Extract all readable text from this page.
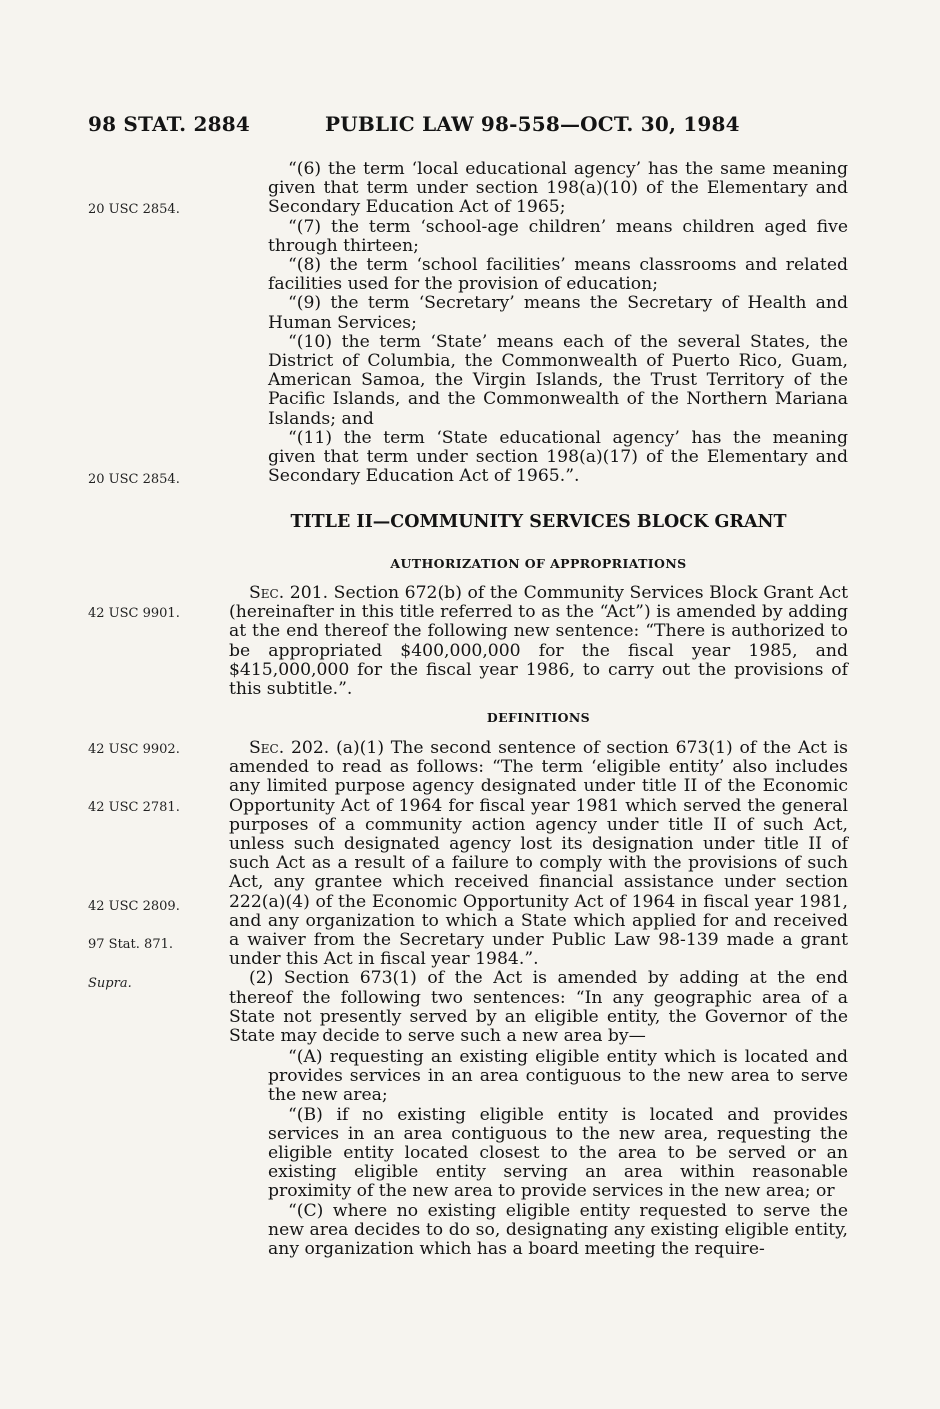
98 STAT. 2884	PUBLIC LAW 98-558—OCT. 30, 1984
20 USC 2854.
20 USC 2854.
42 USC 9901.
42 USC 9902.
42 USC 2781.
42 USC 2809.
97 Stat. 871.
Supra.

“(6) the term ‘local educational agency’ has the same meaning given that term under section 198(a)(10) of the Elementary and Secondary Education Act of 1965;

“(7) the term ‘school-age children’ means children aged five through thirteen;

“(8) the term ‘school facilities’ means classrooms and related facilities used for the provision of education;

“(9) the term ‘Secretary’ means the Secretary of Health and Human Services;

“(10) the term ‘State’ means each of the several States, the District of Columbia, the Commonwealth of Puerto Rico, Guam, American Samoa, the Virgin Islands, the Trust Territory of the Pacific Islands, and the Commonwealth of the Northern Mariana Islands; and

“(11) the term ‘State educational agency’ has the meaning given that term under section 198(a)(17) of the Elementary and Secondary Education Act of 1965.”.

TITLE II—COMMUNITY SERVICES BLOCK GRANT
AUTHORIZATION OF APPROPRIATIONS

Sec. 201. Section 672(b) of the Community Services Block Grant Act (hereinafter in this title referred to as the “Act”) is amended by adding at the end thereof the following new sentence: “There is authorized to be appropriated $400,000,000 for the fiscal year 1985, and $415,000,000 for the fiscal year 1986, to carry out the provisions of this subtitle.”.

DEFINITIONS

Sec. 202. (a)(1) The second sentence of section 673(1) of the Act is amended to read as follows: “The term ‘eligible entity’ also includes any limited purpose agency designated under title II of the Economic Opportunity Act of 1964 for fiscal year 1981 which served the general purposes of a community action agency under title II of such Act, unless such designated agency lost its designation under title II of such Act as a result of a failure to comply with the provisions of such Act, any grantee which received financial assistance under section 222(a)(4) of the Economic Opportunity Act of 1964 in fiscal year 1981, and any organization to which a State which applied for and received a waiver from the Secretary under Public Law 98-139 made a grant under this Act in fiscal year 1984.”.

(2) Section 673(1) of the Act is amended by adding at the end thereof the following two sentences: “In any geographic area of a State not presently served by an eligible entity, the Governor of the State may decide to serve such a new area by—

“(A) requesting an existing eligible entity which is located and provides services in an area contiguous to the new area to serve the new area;

“(B) if no existing eligible entity is located and provides services in an area contiguous to the new area, requesting the eligible entity located closest to the area to be served or an existing eligible entity serving an area within reasonable proximity of the new area to provide services in the new area; or

“(C) where no existing eligible entity requested to serve the new area decides to do so, designating any existing eligible entity, any organization which has a board meeting the require-
